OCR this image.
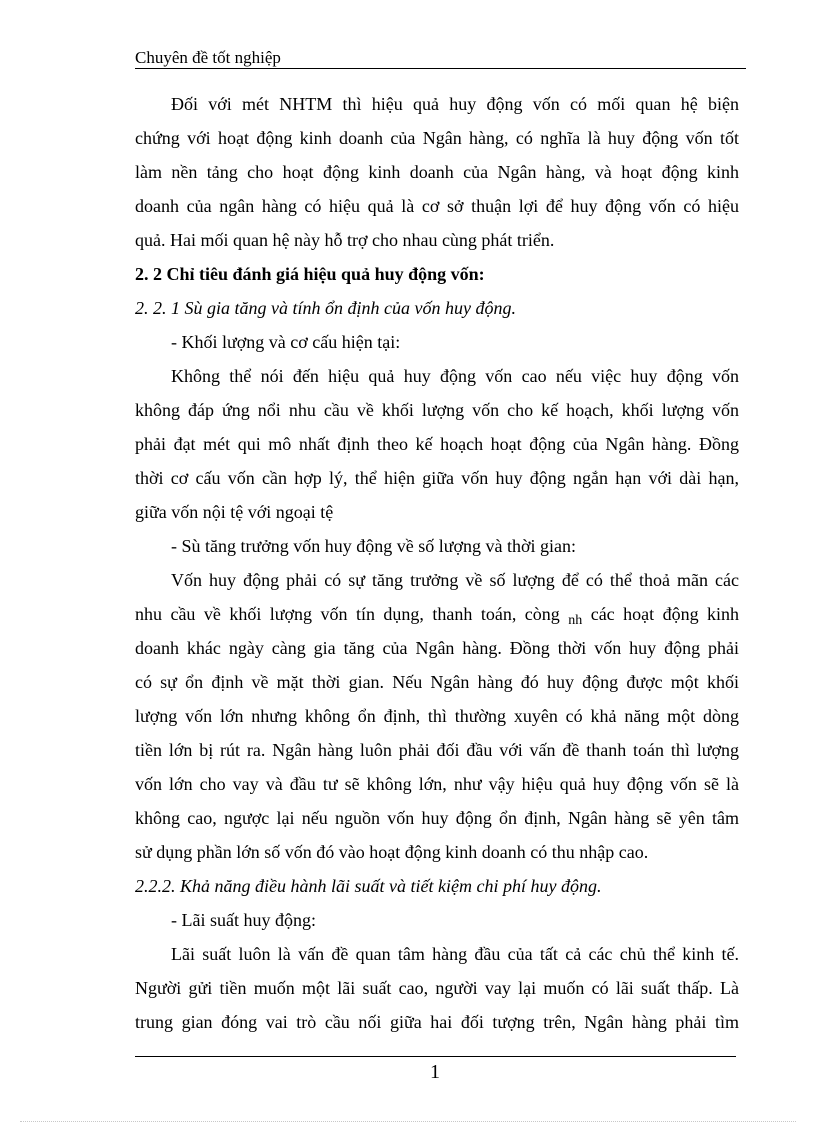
Chuyên đề tốt nghiệp
Đối với mét NHTM thì hiệu quả huy động vốn có mối quan hệ biện
chứng với hoạt động kinh doanh của Ngân hàng, có nghĩa là huy động vốn tốt
làm nền tảng cho hoạt động kinh doanh của Ngân hàng, và hoạt động kinh
doanh của ngân hàng có hiệu quả là cơ sở thuận lợi để huy động vốn có hiệu
quả. Hai mối quan hệ này hỗ trợ cho nhau cùng phát triển.
2. 2 Chỉ tiêu đánh giá hiệu quả huy động vốn:
2. 2. 1 Sù gia tăng và tính ổn định của vốn huy động.
- Khối lượng và cơ cấu hiện tại:
Không thể nói đến hiệu quả huy động vốn cao nếu việc huy động vốn
không đáp ứng nổi nhu cầu về khối lượng vốn cho kế hoạch, khối lượng vốn
phải đạt mét qui mô nhất định theo kế hoạch hoạt động của Ngân hàng. Đồng
thời cơ cấu vốn cần hợp lý, thể hiện giữa vốn huy động ngắn hạn với dài hạn,
giữa vốn nội tệ với ngoại tệ
- Sù tăng trưởng vốn huy động về số lượng và thời gian:
Vốn huy động phải có sự tăng trưởng về số lượng để có thể thoả mãn các
nhu cầu về khối lượng vốn tín dụng, thanh toán, còng $_{nh}$ các hoạt động kinh
doanh khác ngày càng gia tăng của Ngân hàng. Đồng thời vốn huy động phải
có sự ổn định về mặt thời gian. Nếu Ngân hàng đó huy động được một khối
lượng vốn lớn nhưng không ổn định, thì thường xuyên có khả năng một dòng
tiền lớn bị rút ra. Ngân hàng luôn phải đối đầu với vấn đề thanh toán thì lượng
vốn lớn cho vay và đầu tư sẽ không lớn, như vậy hiệu quả huy động vốn sẽ là
không cao, ngược lại nếu nguồn vốn huy động ổn định, Ngân hàng sẽ yên tâm
sử dụng phần lớn số vốn đó vào hoạt động kinh doanh có thu nhập cao.
2.2.2. Khả năng điều hành lãi suất và tiết kiệm chi phí huy động.
- Lãi suất huy động:
Lãi suất luôn là vấn đề quan tâm hàng đầu của tất cả các chủ thể kinh tế.
Người gửi tiền muốn một lãi suất cao, người vay lại muốn có lãi suất thấp. Là
trung gian đóng vai trò cầu nối giữa hai đối tượng trên, Ngân hàng phải tìm
1
